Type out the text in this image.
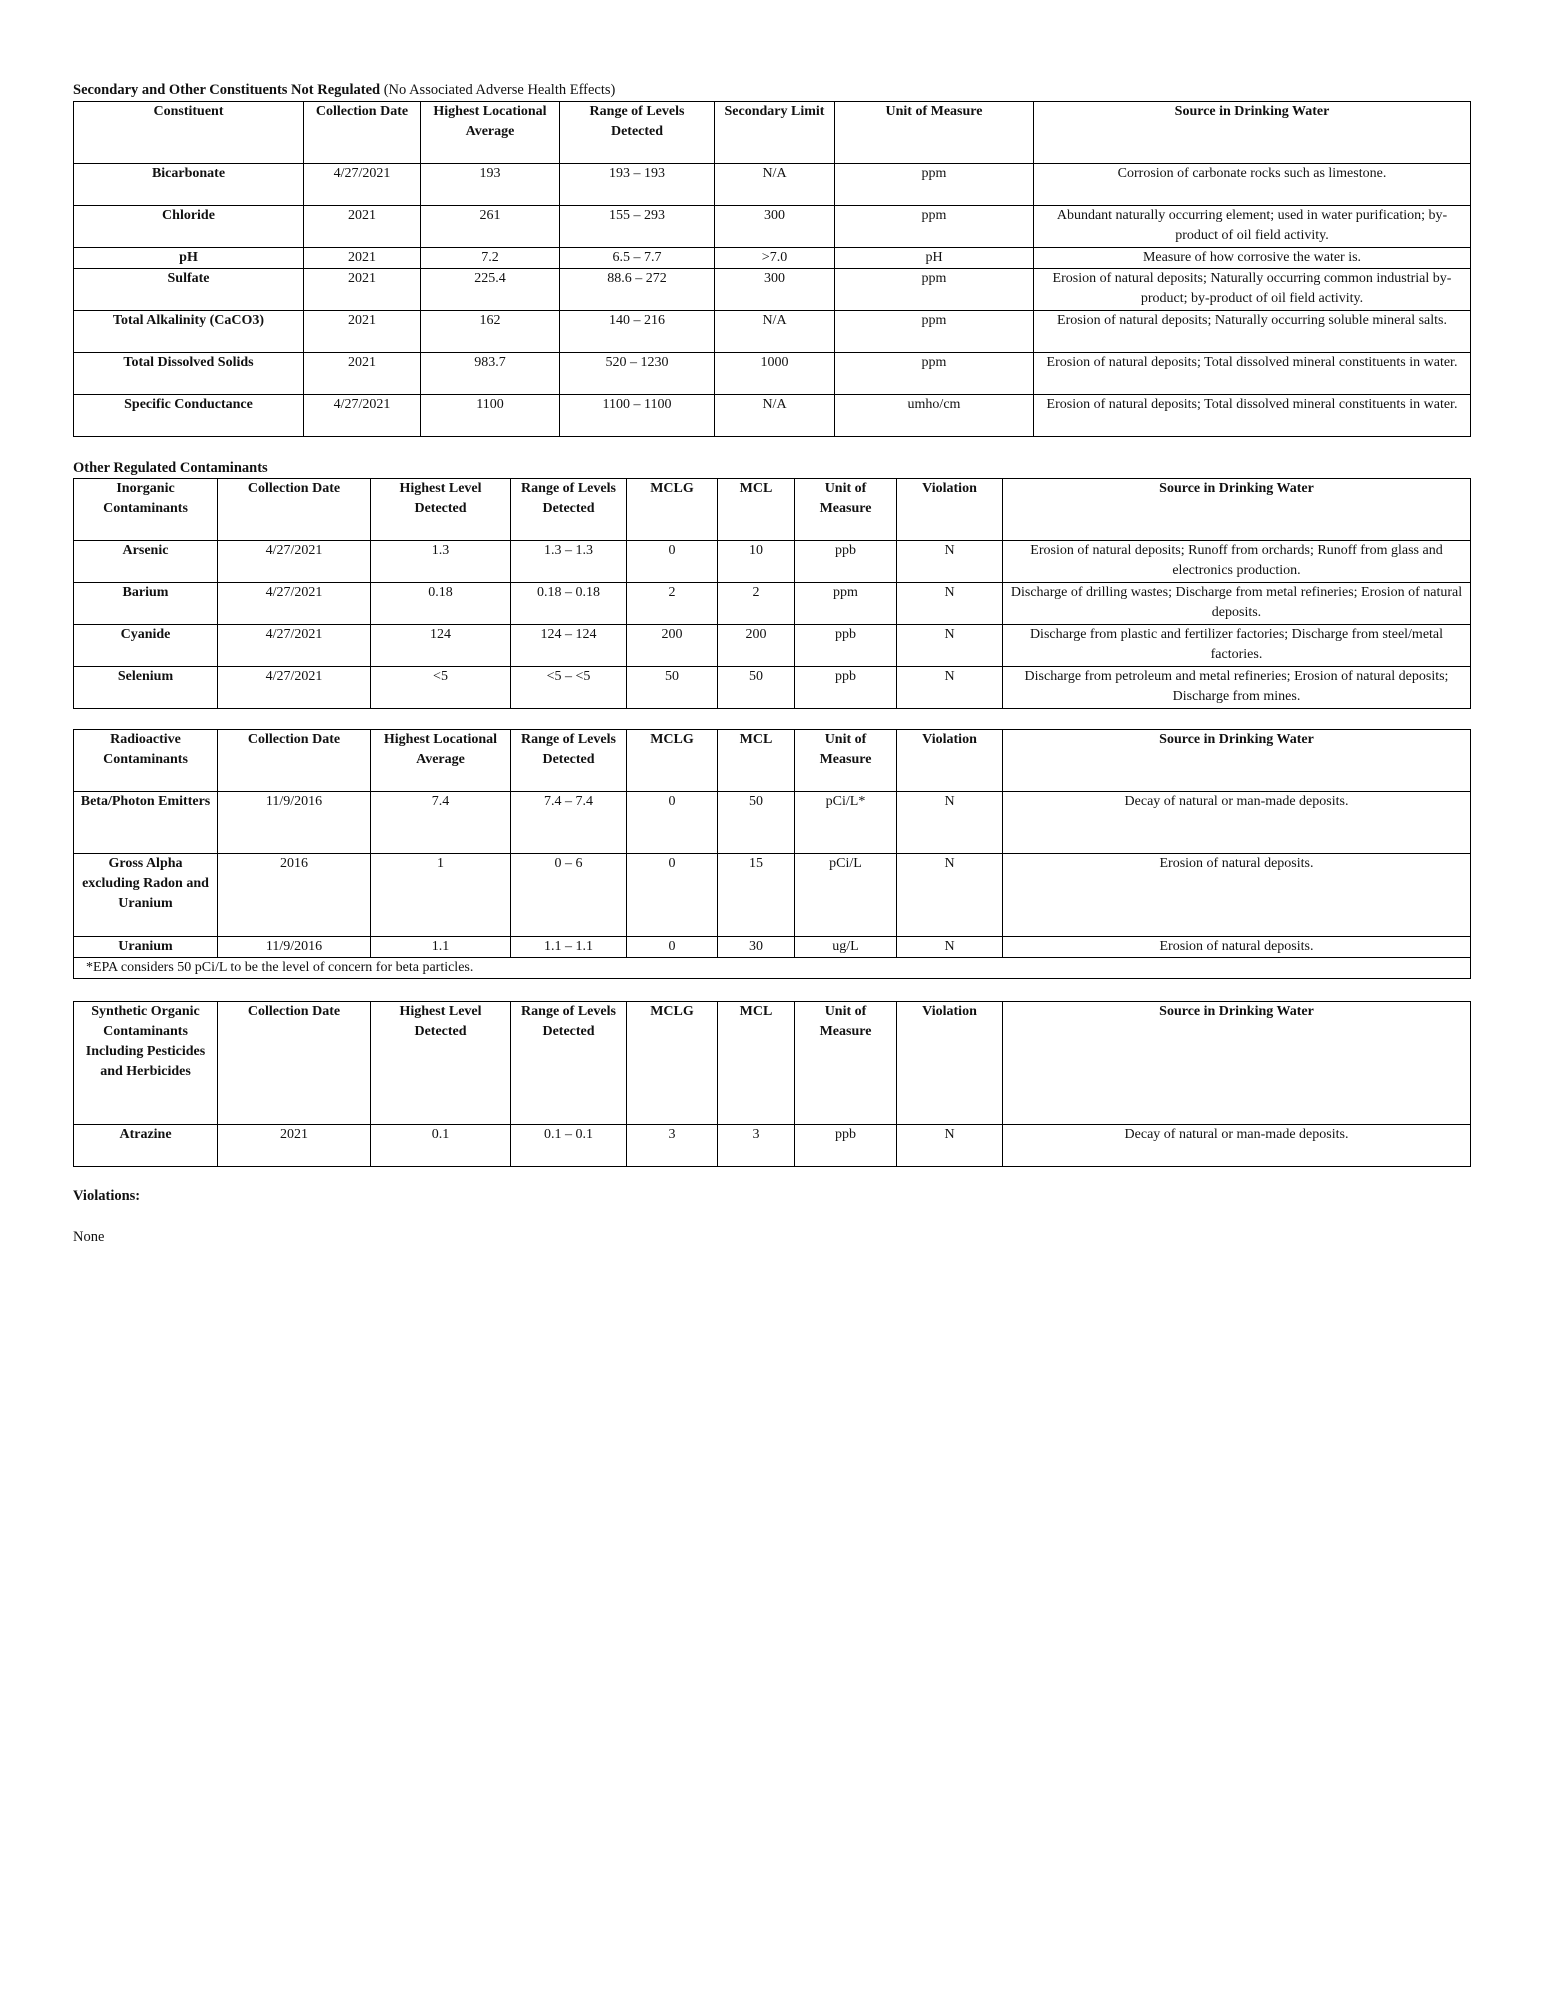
Secondary and Other Constituents Not Regulated (No Associated Adverse Health Effects)
Constituent	Collection Date	Highest Locational Average	Range of Levels Detected	Secondary Limit	Unit of Measure	Source in Drinking Water
Bicarbonate	4/27/2021	193	193 – 193	N/A	ppm	Corrosion of carbonate rocks such as limestone.
Chloride	2021	261	155 – 293	300	ppm	Abundant naturally occurring element; used in water purification; by-product of oil field activity.
pH	2021	7.2	6.5 – 7.7	>7.0	pH	Measure of how corrosive the water is.
Sulfate	2021	225.4	88.6 – 272	300	ppm	Erosion of natural deposits; Naturally occurring common industrial by-product; by-product of oil field activity.
Total Alkalinity (CaCO3)	2021	162	140 – 216	N/A	ppm	Erosion of natural deposits; Naturally occurring soluble mineral salts.
Total Dissolved Solids	2021	983.7	520 – 1230	1000	ppm	Erosion of natural deposits; Total dissolved mineral constituents in water.
Specific Conductance	4/27/2021	1100	1100 – 1100	N/A	umho/cm	Erosion of natural deposits; Total dissolved mineral constituents in water.
Other Regulated Contaminants
Inorganic Contaminants	Collection Date	Highest Level Detected	Range of Levels Detected	MCLG	MCL	Unit of Measure	Violation	Source in Drinking Water
Arsenic	4/27/2021	1.3	1.3 – 1.3	0	10	ppb	N	Erosion of natural deposits; Runoff from orchards; Runoff from glass and electronics production.
Barium	4/27/2021	0.18	0.18 – 0.18	2	2	ppm	N	Discharge of drilling wastes; Discharge from metal refineries; Erosion of natural deposits.
Cyanide	4/27/2021	124	124 – 124	200	200	ppb	N	Discharge from plastic and fertilizer factories; Discharge from steel/metal factories.
Selenium	4/27/2021	<5	<5 – <5	50	50	ppb	N	Discharge from petroleum and metal refineries; Erosion of natural deposits; Discharge from mines.
Radioactive Contaminants	Collection Date	Highest Locational Average	Range of Levels Detected	MCLG	MCL	Unit of Measure	Violation	Source in Drinking Water
Beta/Photon Emitters	11/9/2016	7.4	7.4 – 7.4	0	50	pCi/L*	N	Decay of natural or man-made deposits.
Gross Alpha excluding Radon and Uranium	2016	1	0 – 6	0	15	pCi/L	N	Erosion of natural deposits.
Uranium	11/9/2016	1.1	1.1 – 1.1	0	30	ug/L	N	Erosion of natural deposits.
*EPA considers 50 pCi/L to be the level of concern for beta particles.								
Synthetic Organic Contaminants Including Pesticides and Herbicides	Collection Date	Highest Level Detected	Range of Levels Detected	MCLG	MCL	Unit of Measure	Violation	Source in Drinking Water
Atrazine	2021	0.1	0.1 – 0.1	3	3	ppb	N	Decay of natural or man-made deposits.
Violations:
None
